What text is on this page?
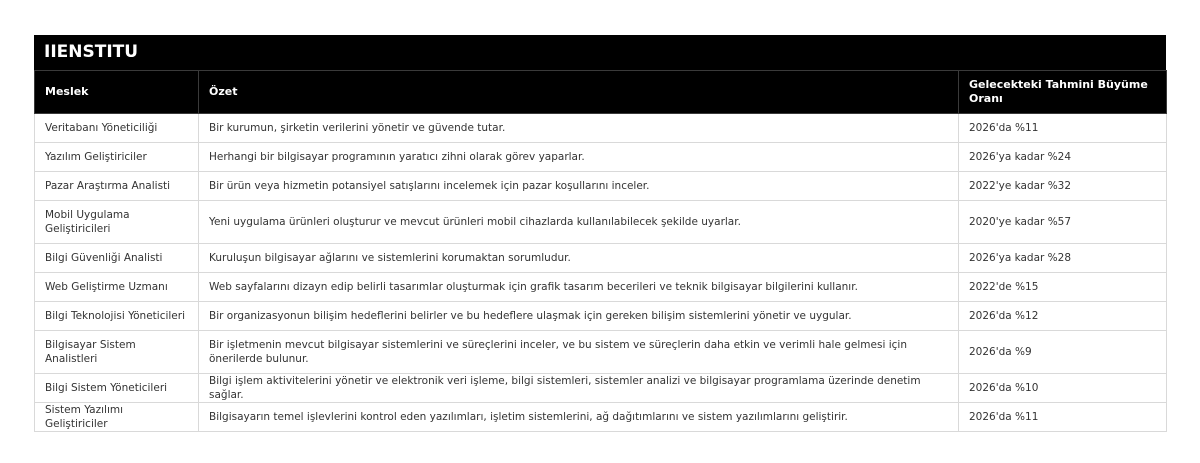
IIENSTITU
Meslek	Özet	Gelecekteki Tahmini Büyüme Oranı
Veritabanı Yöneticiliği	Bir kurumun, şirketin verilerini yönetir ve güvende tutar.	2026'da %11
Yazılım Geliştiriciler	Herhangi bir bilgisayar programının yaratıcı zihni olarak görev yaparlar.	2026'ya kadar %24
Pazar Araştırma Analisti	Bir ürün veya hizmetin potansiyel satışlarını incelemek için pazar koşullarını inceler.	2022'ye kadar %32
Mobil Uygulama Geliştiricileri	Yeni uygulama ürünleri oluşturur ve mevcut ürünleri mobil cihazlarda kullanılabilecek şekilde uyarlar.	2020'ye kadar %57
Bilgi Güvenliği Analisti	Kuruluşun bilgisayar ağlarını ve sistemlerini korumaktan sorumludur.	2026'ya kadar %28
Web Geliştirme Uzmanı	Web sayfalarını dizayn edip belirli tasarımlar oluşturmak için grafik tasarım becerileri ve teknik bilgisayar bilgilerini kullanır.	2022'de %15
Bilgi Teknolojisi Yöneticileri	Bir organizasyonun bilişim hedeflerini belirler ve bu hedeflere ulaşmak için gereken bilişim sistemlerini yönetir ve uygular.	2026'da %12
Bilgisayar Sistem Analistleri	Bir işletmenin mevcut bilgisayar sistemlerini ve süreçlerini inceler, ve bu sistem ve süreçlerin daha etkin ve verimli hale gelmesi için önerilerde bulunur.	2026'da %9
Bilgi Sistem Yöneticileri	Bilgi işlem aktivitelerini yönetir ve elektronik veri işleme, bilgi sistemleri, sistemler analizi ve bilgisayar programlama üzerinde denetim sağlar.	2026'da %10
Sistem Yazılımı Geliştiriciler	Bilgisayarın temel işlevlerini kontrol eden yazılımları, işletim sistemlerini, ağ dağıtımlarını ve sistem yazılımlarını geliştirir.	2026'da %11
